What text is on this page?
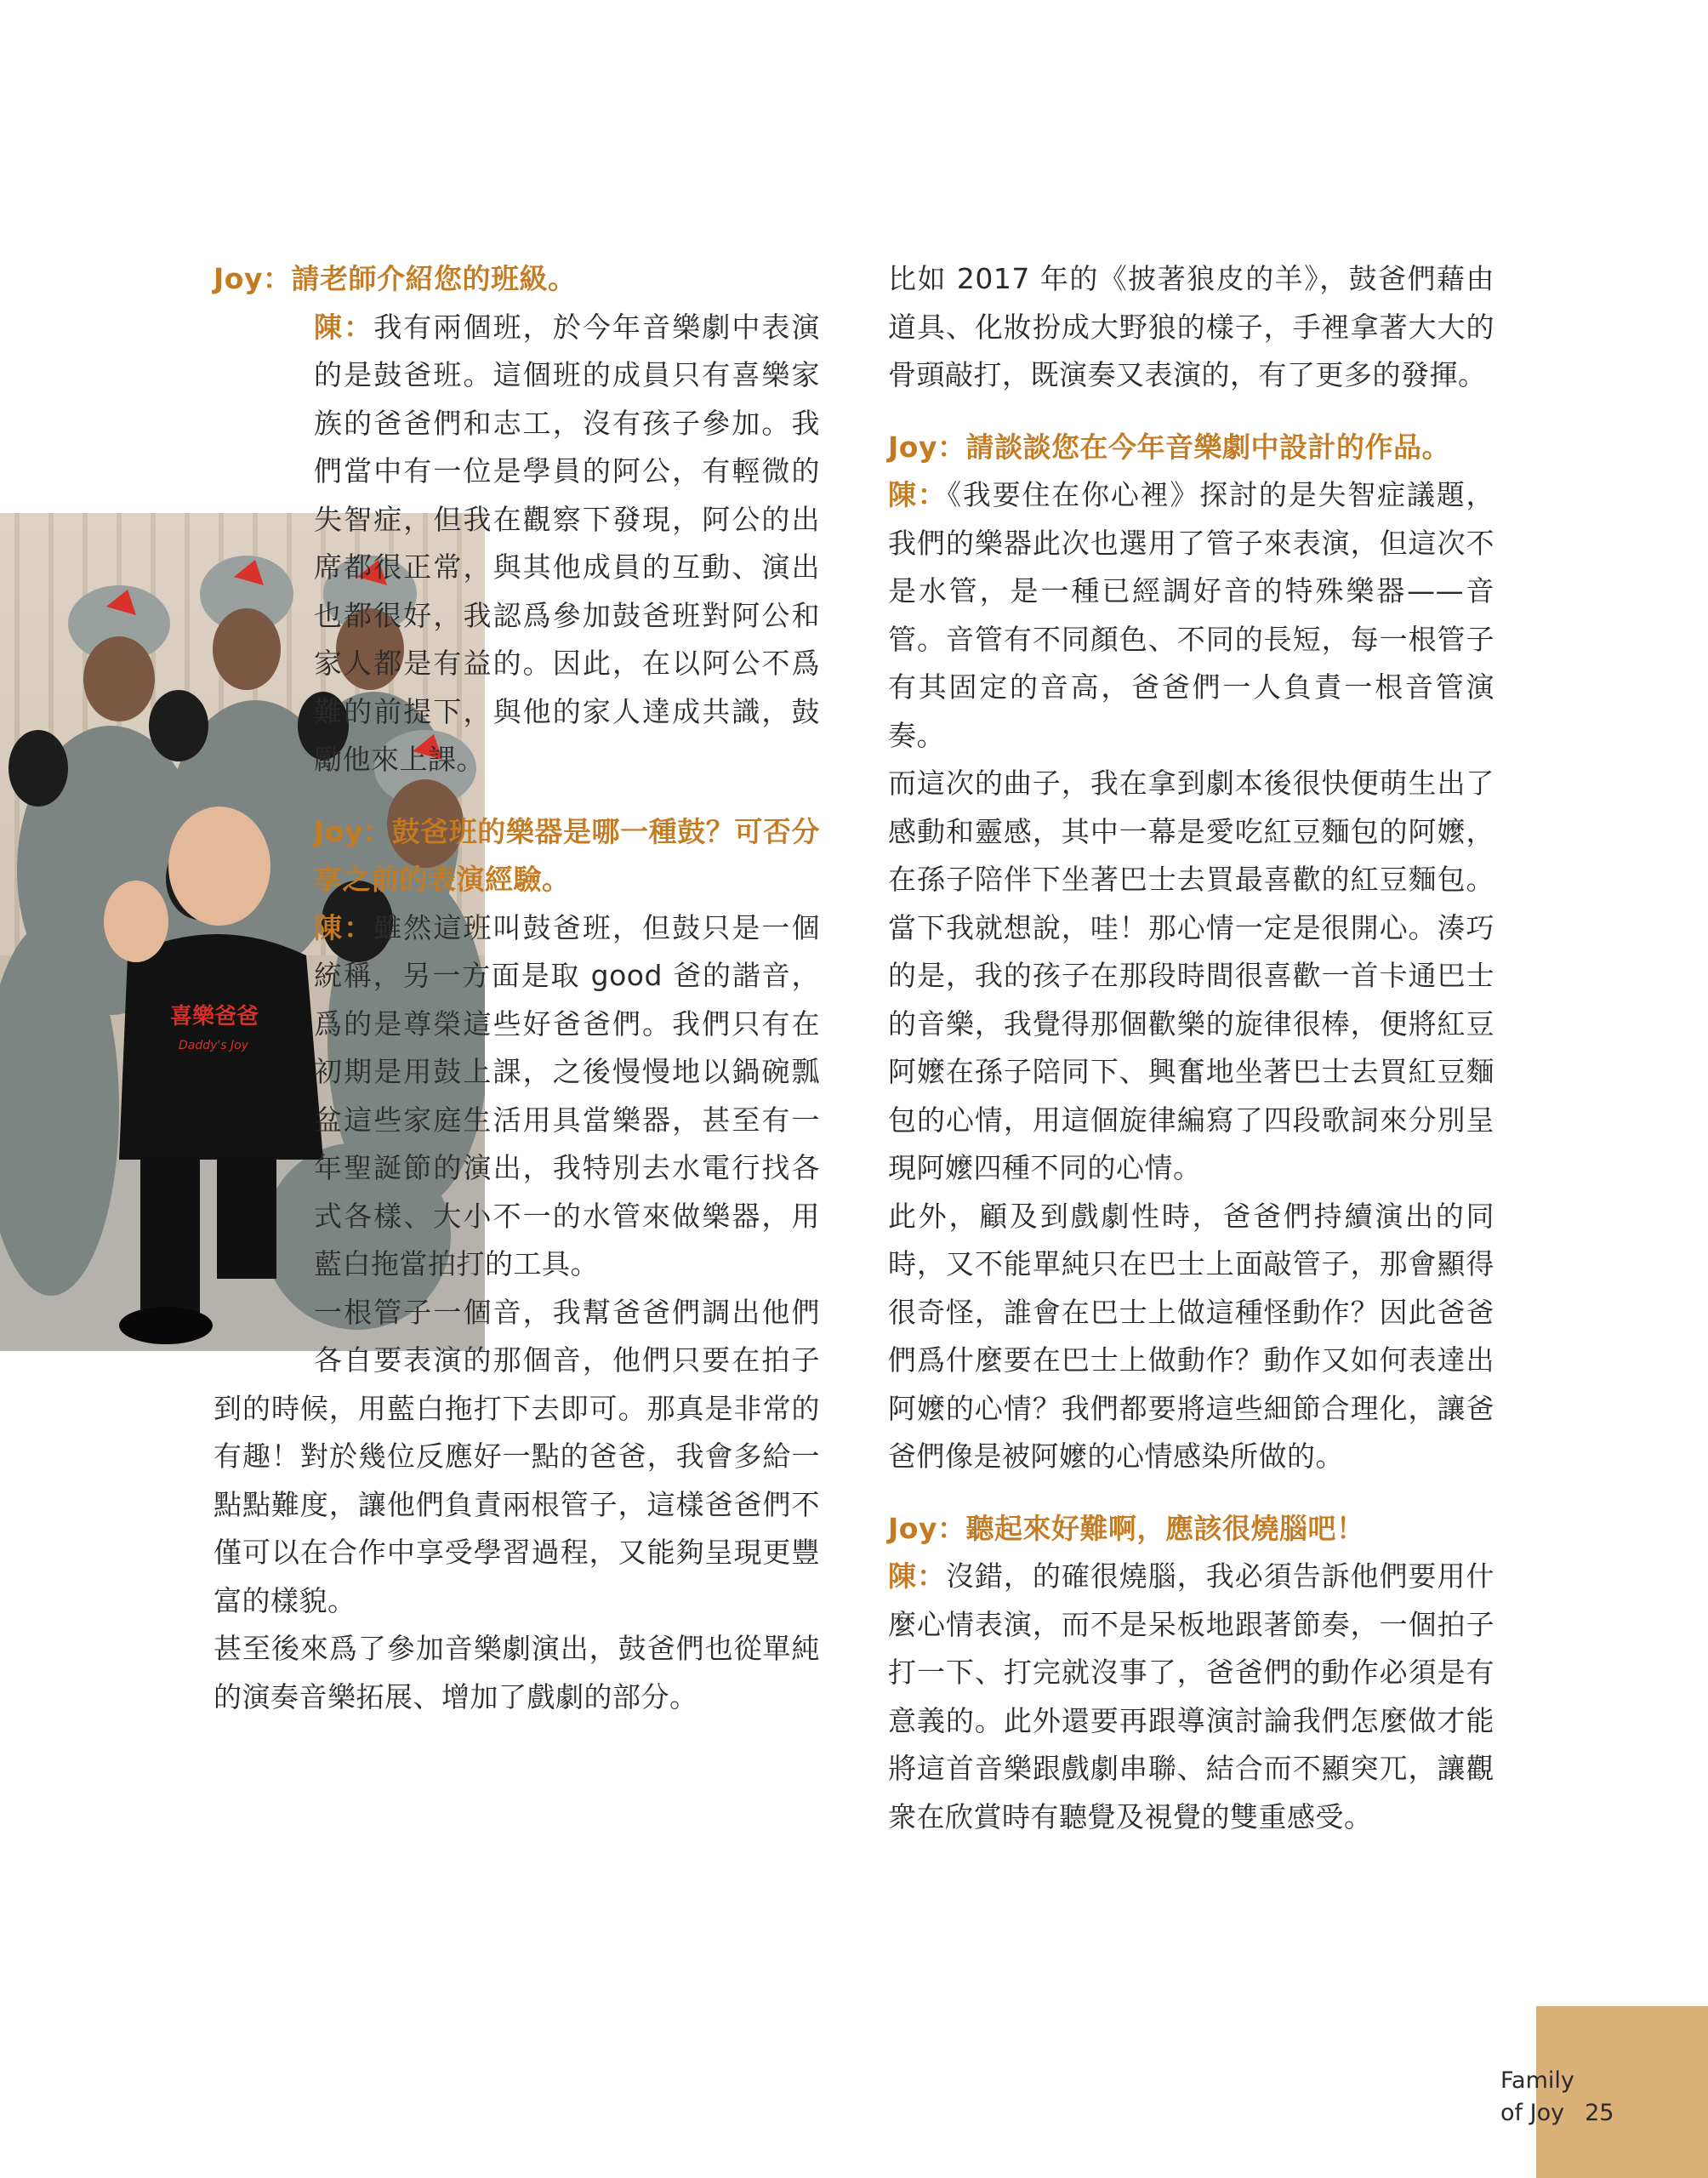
喜樂爸爸
Daddy's Joy

Joy：請老師介紹您的班級。

陳：我有兩個班，於今年音樂劇中表演的是鼓爸班。這個班的成員只有喜樂家族的爸爸們和志工，沒有孩子參加。我們當中有一位是學員的阿公，有輕微的失智症，但我在觀察下發現，阿公的出席都很正常，與其他成員的互動、演出也都很好，我認爲參加鼓爸班對阿公和家人都是有益的。因此，在以阿公不爲難的前提下，與他的家人達成共識，鼓勵他來上課。

Joy：鼓爸班的樂器是哪一種鼓？可否分享之前的表演經驗。

陳：雖然這班叫鼓爸班，但鼓只是一個統稱，另一方面是取 good 爸的諧音，爲的是尊榮這些好爸爸們。我們只有在初期是用鼓上課，之後慢慢地以鍋碗瓢盆這些家庭生活用具當樂器，甚至有一年聖誕節的演出，我特別去水電行找各式各樣、大小不一的水管來做樂器，用藍白拖當拍打的工具。

一根管子一個音，我幫爸爸們調出他們各自要表演的那個音，他們只要在拍子到的時候，用藍白拖打下去即可。那真是非常的有趣！對於幾位反應好一點的爸爸，我會多給一點點難度，讓他們負責兩根管子，這樣爸爸們不僅可以在合作中享受學習過程，又能夠呈現更豐富的樣貌。

甚至後來爲了參加音樂劇演出，鼓爸們也從單純的演奏音樂拓展、增加了戲劇的部分。

比如 2017 年的《披著狼皮的羊》，鼓爸們藉由道具、化妝扮成大野狼的樣子，手裡拿著大大的骨頭敲打，既演奏又表演的，有了更多的發揮。

Joy：請談談您在今年音樂劇中設計的作品。

陳：《我要住在你心裡》探討的是失智症議題，我們的樂器此次也選用了管子來表演，但這次不是水管，是一種已經調好音的特殊樂器——音管。音管有不同顏色、不同的長短，每一根管子有其固定的音高，爸爸們一人負責一根音管演奏。

而這次的曲子，我在拿到劇本後很快便萌生出了感動和靈感，其中一幕是愛吃紅豆麵包的阿嬤，在孫子陪伴下坐著巴士去買最喜歡的紅豆麵包。當下我就想說，哇！那心情一定是很開心。湊巧的是，我的孩子在那段時間很喜歡一首卡通巴士的音樂，我覺得那個歡樂的旋律很棒，便將紅豆阿嬤在孫子陪同下、興奮地坐著巴士去買紅豆麵包的心情，用這個旋律編寫了四段歌詞來分別呈現阿嬤四種不同的心情。

此外，顧及到戲劇性時，爸爸們持續演出的同時，又不能單純只在巴士上面敲管子，那會顯得很奇怪，誰會在巴士上做這種怪動作？因此爸爸們爲什麼要在巴士上做動作？動作又如何表達出阿嬤的心情？我們都要將這些細節合理化，讓爸爸們像是被阿嬤的心情感染所做的。

Joy：聽起來好難啊，應該很燒腦吧！

陳：沒錯，的確很燒腦，我必須告訴他們要用什麼心情表演，而不是呆板地跟著節奏，一個拍子打一下、打完就沒事了，爸爸們的動作必須是有意義的。此外還要再跟導演討論我們怎麼做才能將這首音樂跟戲劇串聯、結合而不顯突兀，讓觀衆在欣賞時有聽覺及視覺的雙重感受。

Family
of Joy 25
